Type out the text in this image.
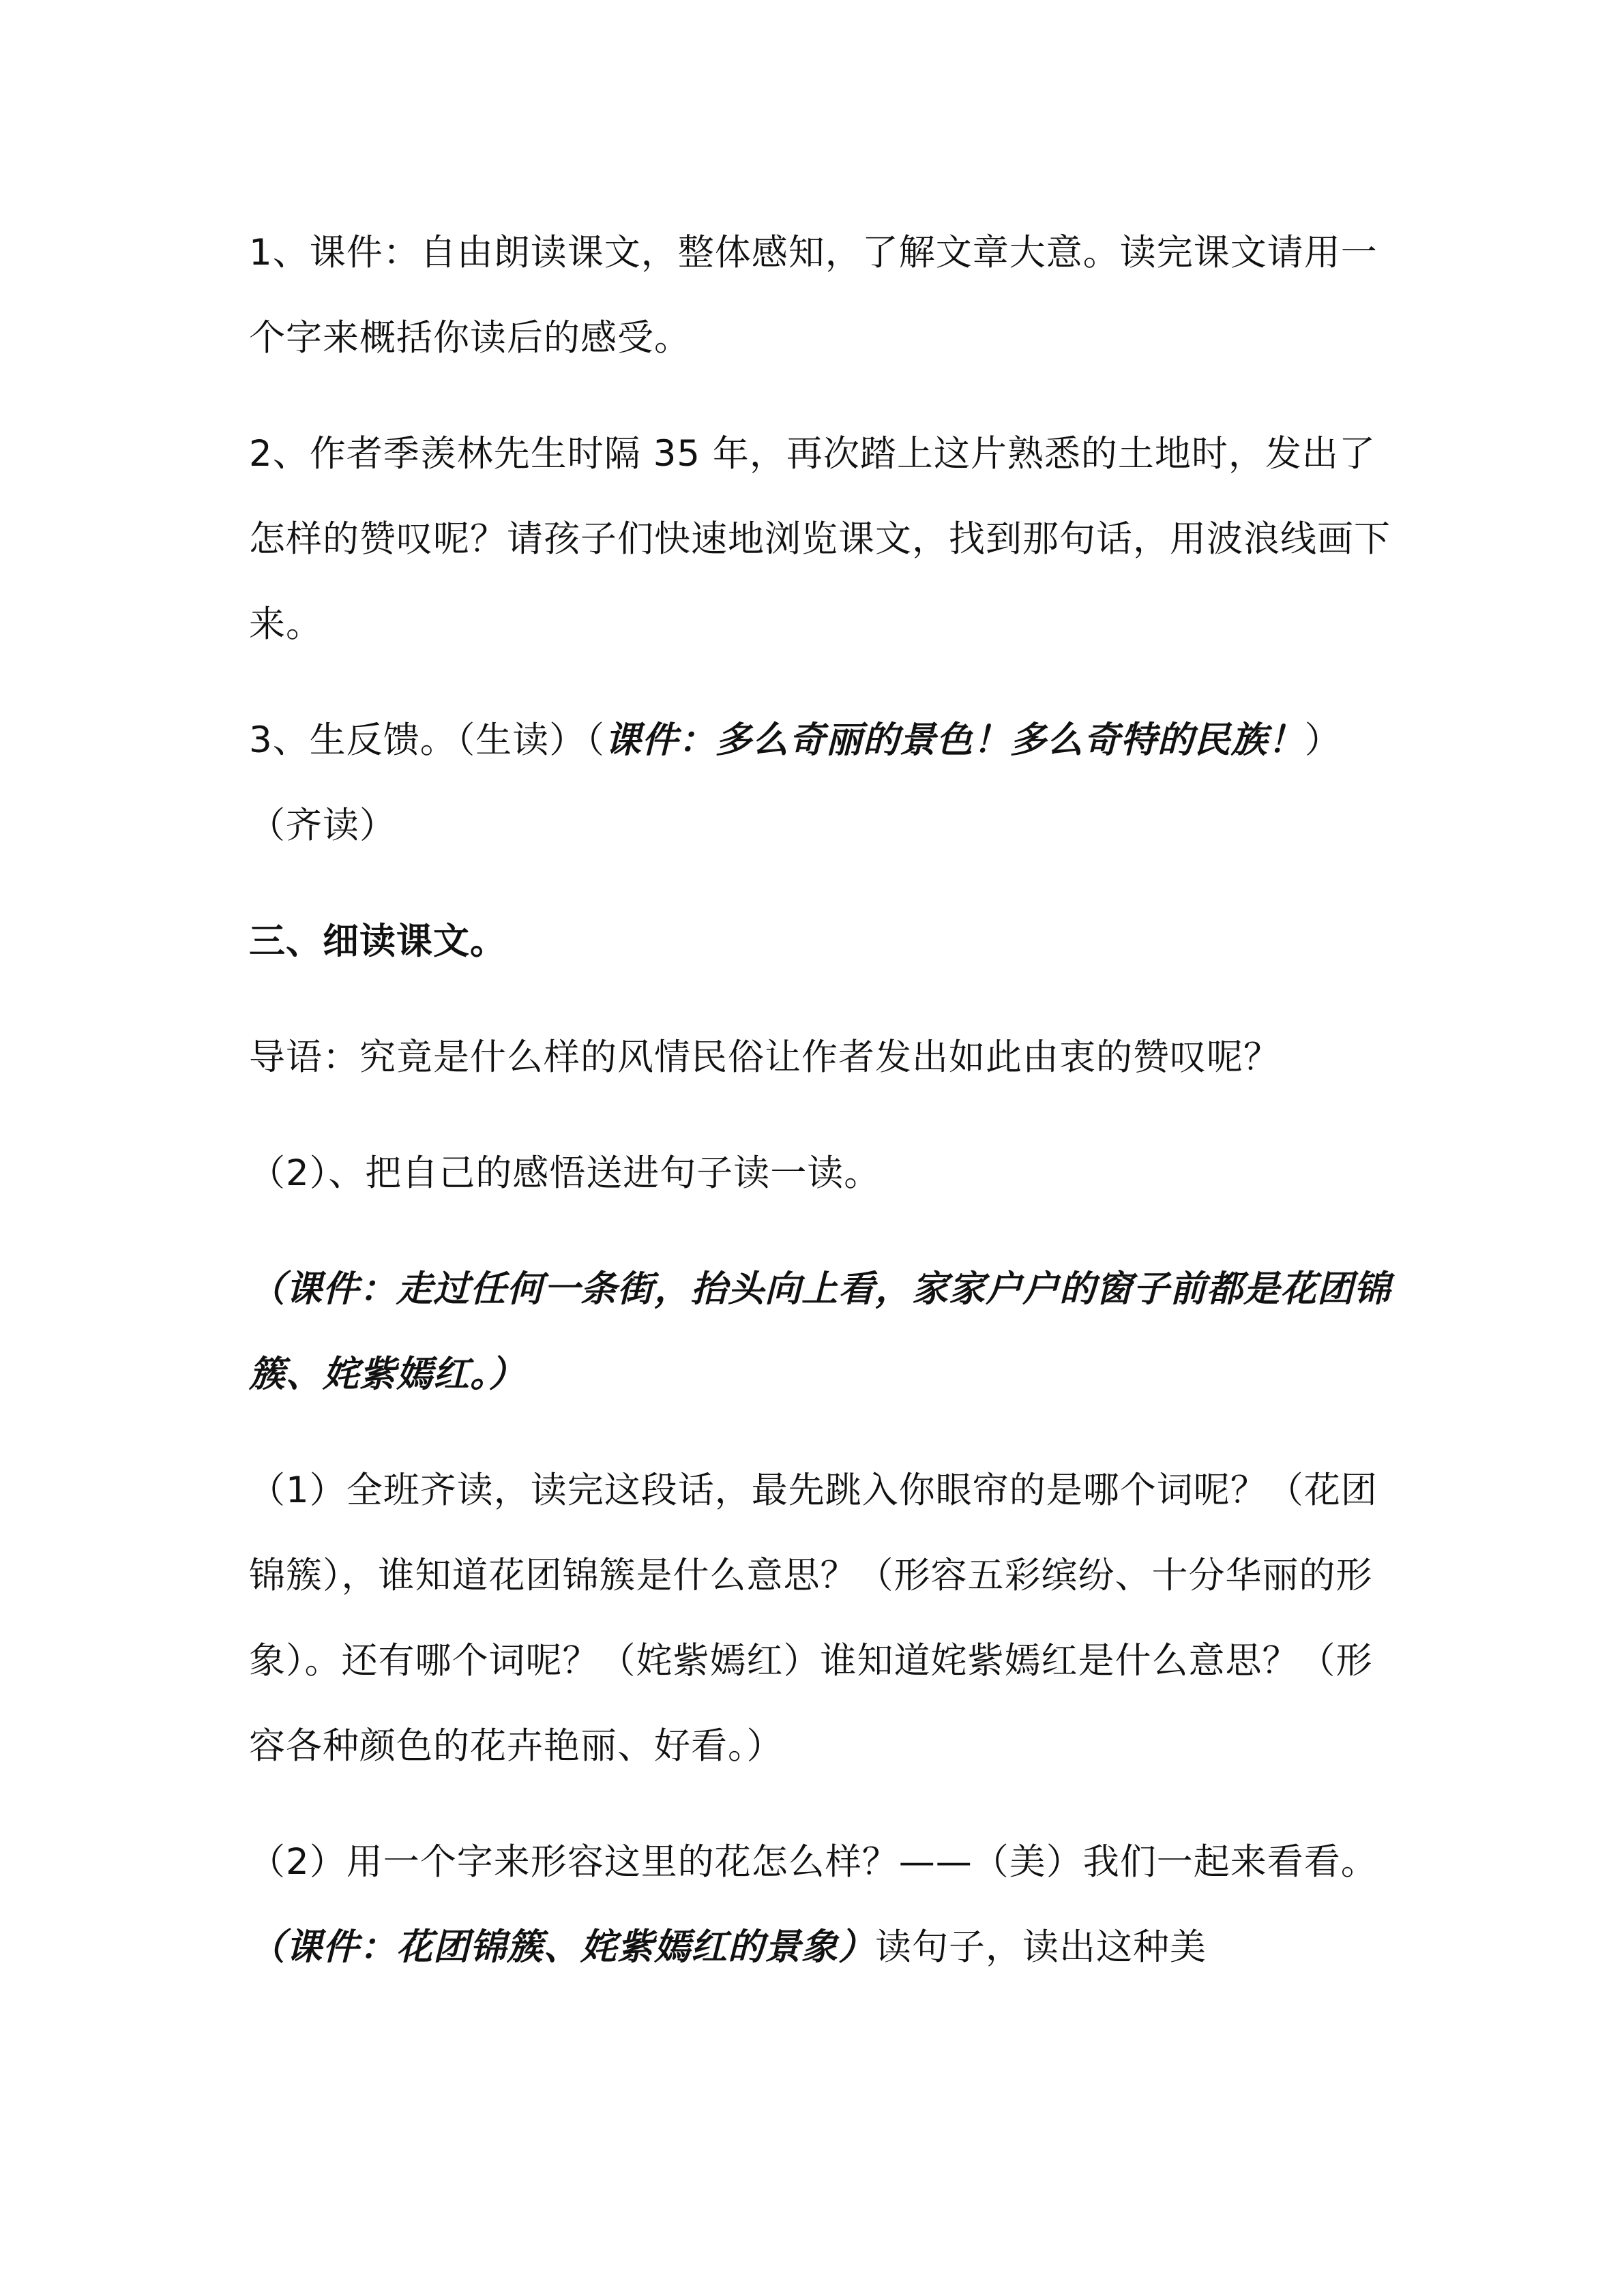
1、课件：自由朗读课文，整体感知，了解文章大意。读完课文请用一个字来概括你读后的感受。

2、作者季羡林先生时隔 35 年，再次踏上这片熟悉的土地时，发出了怎样的赞叹呢？请孩子们快速地浏览课文，找到那句话，用波浪线画下来。

3、生反馈。（生读）（课件：多么奇丽的景色！多么奇特的民族！）（齐读）

三、细读课文。

导语：究竟是什么样的风情民俗让作者发出如此由衷的赞叹呢？

（2）、把自己的感悟送进句子读一读。

（课件：走过任何一条街，抬头向上看，家家户户的窗子前都是花团锦簇、姹紫嫣红。）

（1）全班齐读，读完这段话，最先跳入你眼帘的是哪个词呢？（花团锦簇），谁知道花团锦簇是什么意思？（形容五彩缤纷、十分华丽的形象）。还有哪个词呢？（姹紫嫣红）谁知道姹紫嫣红是什么意思？（形容各种颜色的花卉艳丽、好看。）

（2）用一个字来形容这里的花怎么样？——（美）我们一起来看看。（课件：花团锦簇、姹紫嫣红的景象）读句子，读出这种美
